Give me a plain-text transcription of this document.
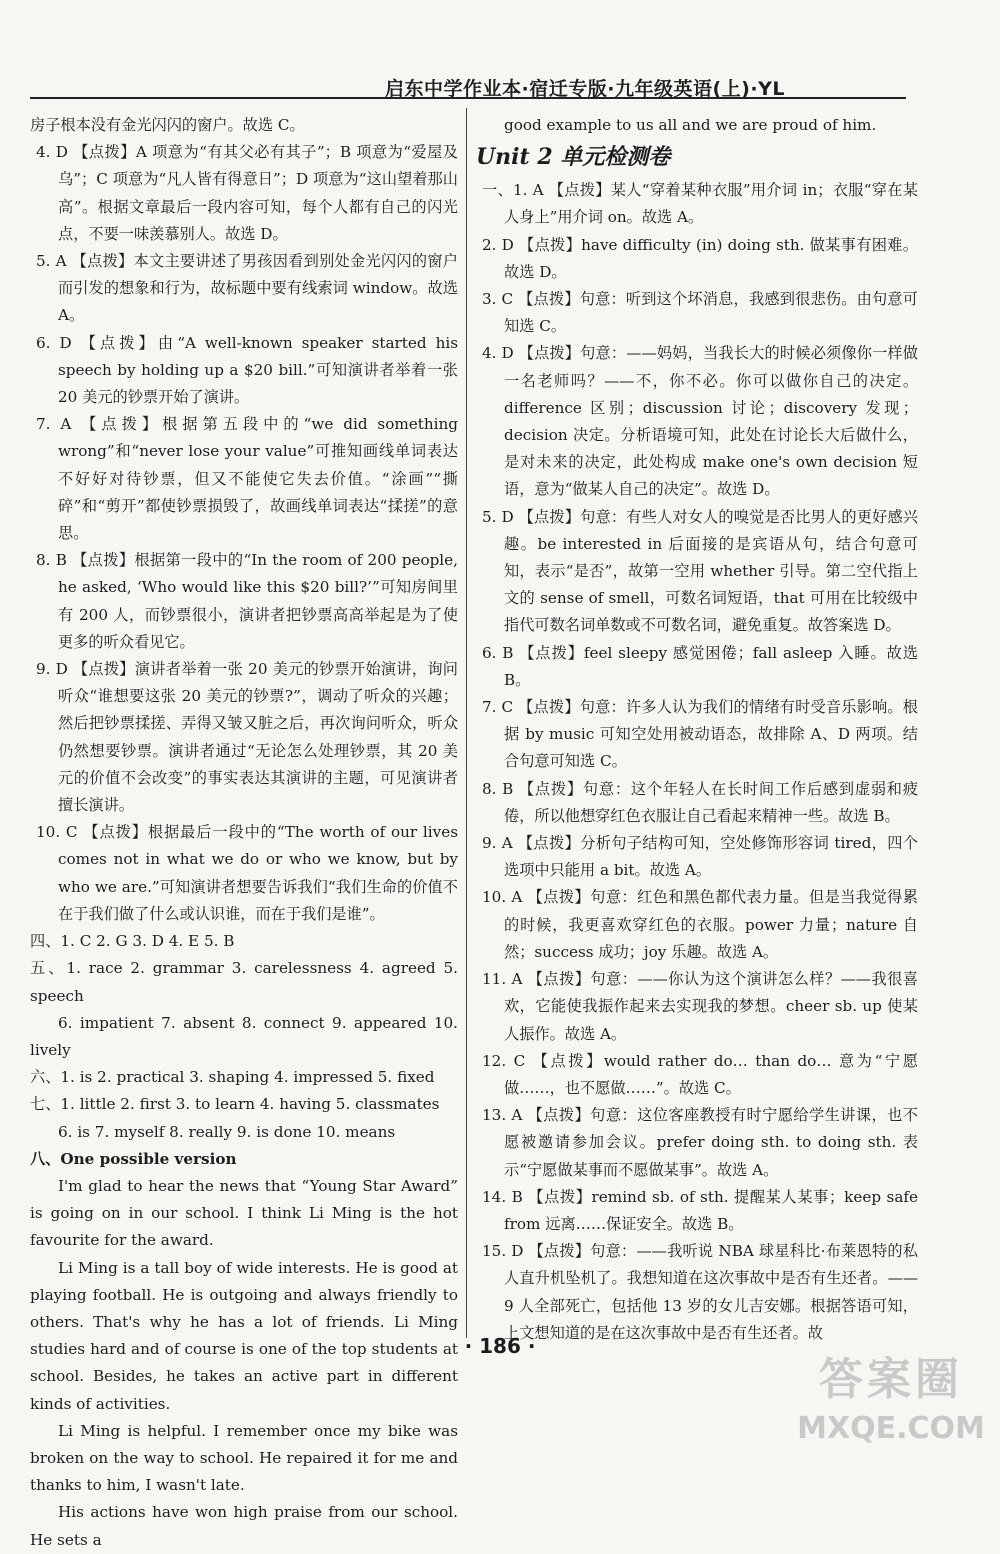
启东中学作业本·宿迁专版·九年级英语(上)·YL

房子根本没有金光闪闪的窗户。故选 C。

4. D 【点拨】A 项意为“有其父必有其子”；B 项意为“爱屋及乌”；C 项意为“凡人皆有得意日”；D 项意为“这山望着那山高”。根据文章最后一段内容可知，每个人都有自己的闪光点，不要一味羡慕别人。故选 D。

5. A 【点拨】本文主要讲述了男孩因看到别处金光闪闪的窗户而引发的想象和行为，故标题中要有线索词 window。故选 A。

6. D 【点拨】由“A well-known speaker started his speech by holding up a $20 bill.”可知演讲者举着一张 20 美元的钞票开始了演讲。

7. A 【点拨】根据第五段中的“we did something wrong”和“never lose your value”可推知画线单词表达不好好对待钞票，但又不能使它失去价值。“涂画”“撕碎”和“剪开”都使钞票损毁了，故画线单词表达“揉搓”的意思。

8. B 【点拨】根据第一段中的“In the room of 200 people, he asked, ‘Who would like this $20 bill?’”可知房间里有 200 人，而钞票很小，演讲者把钞票高高举起是为了使更多的听众看见它。

9. D 【点拨】演讲者举着一张 20 美元的钞票开始演讲，询问听众“谁想要这张 20 美元的钞票?”，调动了听众的兴趣；然后把钞票揉搓、弄得又皱又脏之后，再次询问听众，听众仍然想要钞票。演讲者通过“无论怎么处理钞票，其 20 美元的价值不会改变”的事实表达其演讲的主题，可见演讲者擅长演讲。

10. C 【点拨】根据最后一段中的“The worth of our lives comes not in what we do or who we know, but by who we are.”可知演讲者想要告诉我们“我们生命的价值不在于我们做了什么或认识谁，而在于我们是谁”。

四、1. C 2. G 3. D 4. E 5. B

五、1. race 2. grammar 3. carelessness 4. agreed 5. speech

6. impatient 7. absent 8. connect 9. appeared 10. lively

六、1. is 2. practical 3. shaping 4. impressed 5. fixed

七、1. little 2. first 3. to learn 4. having 5. classmates

6. is 7. myself 8. really 9. is done 10. means

八、One possible version

I'm glad to hear the news that “Young Star Award” is going on in our school. I think Li Ming is the hot favourite for the award.

Li Ming is a tall boy of wide interests. He is good at playing football. He is outgoing and always friendly to others. That's why he has a lot of friends. Li Ming studies hard and of course is one of the top students at school. Besides, he takes an active part in different kinds of activities.

Li Ming is helpful. I remember once my bike was broken on the way to school. He repaired it for me and thanks to him, I wasn't late.

His actions have won high praise from our school. He sets a

good example to us all and we are proud of him.

Unit 2 单元检测卷

一、1. A 【点拨】某人“穿着某种衣服”用介词 in；衣服“穿在某人身上”用介词 on。故选 A。

2. D 【点拨】have difficulty (in) doing sth. 做某事有困难。故选 D。

3. C 【点拨】句意：听到这个坏消息，我感到很悲伤。由句意可知选 C。

4. D 【点拨】句意：——妈妈，当我长大的时候必须像你一样做一名老师吗？——不，你不必。你可以做你自己的决定。difference 区别；discussion 讨论；discovery 发现；decision 决定。分析语境可知，此处在讨论长大后做什么，是对未来的决定，此处构成 make one's own decision 短语，意为“做某人自己的决定”。故选 D。

5. D 【点拨】句意：有些人对女人的嗅觉是否比男人的更好感兴趣。be interested in 后面接的是宾语从句，结合句意可知，表示“是否”，故第一空用 whether 引导。第二空代指上文的 sense of smell，可数名词短语，that 可用在比较级中指代可数名词单数或不可数名词，避免重复。故答案选 D。

6. B 【点拨】feel sleepy 感觉困倦；fall asleep 入睡。故选 B。

7. C 【点拨】句意：许多人认为我们的情绪有时受音乐影响。根据 by music 可知空处用被动语态，故排除 A、D 两项。结合句意可知选 C。

8. B 【点拨】句意：这个年轻人在长时间工作后感到虚弱和疲倦，所以他想穿红色衣服让自己看起来精神一些。故选 B。

9. A 【点拨】分析句子结构可知，空处修饰形容词 tired，四个选项中只能用 a bit。故选 A。

10. A 【点拨】句意：红色和黑色都代表力量。但是当我觉得累的时候，我更喜欢穿红色的衣服。power 力量；nature 自然；success 成功；joy 乐趣。故选 A。

11. A 【点拨】句意：——你认为这个演讲怎么样？——我很喜欢，它能使我振作起来去实现我的梦想。cheer sb. up 使某人振作。故选 A。

12. C 【点拨】would rather do… than do… 意为“宁愿做……，也不愿做……”。故选 C。

13. A 【点拨】句意：这位客座教授有时宁愿给学生讲课，也不愿被邀请参加会议。prefer doing sth. to doing sth. 表示“宁愿做某事而不愿做某事”。故选 A。

14. B 【点拨】remind sb. of sth. 提醒某人某事；keep safe from 远离……保证安全。故选 B。

15. D 【点拨】句意：——我听说 NBA 球星科比·布莱恩特的私人直升机坠机了。我想知道在这次事故中是否有生还者。——9 人全部死亡，包括他 13 岁的女儿吉安娜。根据答语可知，上文想知道的是在这次事故中是否有生还者。故

· 186 ·
答案圈
MXQE.COM
